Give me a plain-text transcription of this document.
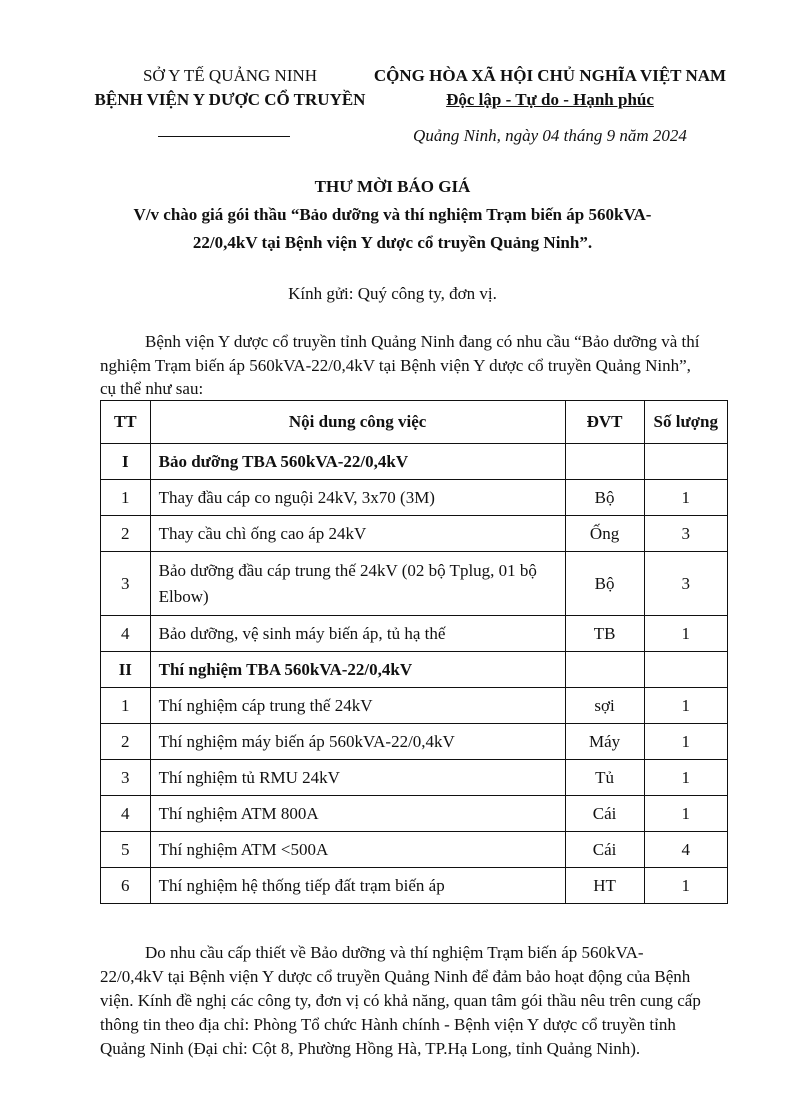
SỞ Y TẾ QUẢNG NINH
BỆNH VIỆN Y DƯỢC CỔ TRUYỀN
CỘNG HÒA XÃ HỘI CHỦ NGHĨA VIỆT NAM
Độc lập - Tự do - Hạnh phúc
Quảng Ninh, ngày 04 tháng 9 năm 2024
THƯ MỜI BÁO GIÁ
V/v chào giá gói thầu “Bảo dưỡng và thí nghiệm Trạm biến áp 560kVA-
22/0,4kV tại Bệnh viện Y dược cổ truyền Quảng Ninh”.
Kính gửi: Quý công ty, đơn vị.
Bệnh viện Y dược cổ truyền tỉnh Quảng Ninh đang có nhu cầu “Bảo dưỡng và thí
nghiệm Trạm biến áp 560kVA-22/0,4kV tại Bệnh viện Y dược cổ truyền Quảng Ninh”,
cụ thể như sau:
TT	Nội dung công việc	ĐVT	Số lượng
I	Bảo dưỡng TBA 560kVA-22/0,4kV		
1	Thay đầu cáp co nguội 24kV, 3x70 (3M)	Bộ	1
2	Thay cầu chì ống cao áp 24kV	Ống	3
3	Bảo dưỡng đầu cáp trung thế 24kV (02 bộ Tplug, 01 bộ Elbow)	Bộ	3
4	Bảo dưỡng, vệ sinh máy biến áp, tủ hạ thế	TB	1
II	Thí nghiệm TBA 560kVA-22/0,4kV		
1	Thí nghiệm cáp trung thế 24kV	sợi	1
2	Thí nghiệm máy biến áp 560kVA-22/0,4kV	Máy	1
3	Thí nghiệm tủ RMU 24kV	Tủ	1
4	Thí nghiệm ATM 800A	Cái	1
5	Thí nghiệm ATM <500A	Cái	4
6	Thí nghiệm hệ thống tiếp đất trạm biến áp	HT	1
Do nhu cầu cấp thiết về Bảo dưỡng và thí nghiệm Trạm biến áp 560kVA-
22/0,4kV tại Bệnh viện Y dược cổ truyền Quảng Ninh để đảm bảo hoạt động của Bệnh
viện. Kính đề nghị các công ty, đơn vị có khả năng, quan tâm gói thầu nêu trên cung cấp
thông tin theo địa chỉ: Phòng Tổ chức Hành chính - Bệnh viện Y dược cổ truyền tỉnh
Quảng Ninh (Đại chỉ: Cột 8, Phường Hồng Hà, TP.Hạ Long, tỉnh Quảng Ninh).
